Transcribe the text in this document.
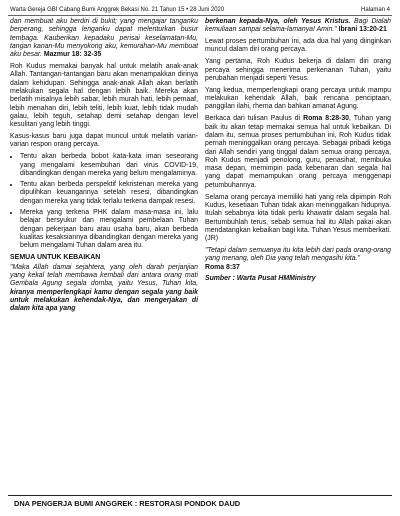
Warta Gereja GBI Cabang Bumi Anggrek Bekasi No. 21 Tahun 15 • 28 Juni 2020	Halaman 4

dan membuat aku berdiri di bukit; yang mengajar tanganku berperang, sehingga lenganku dapat melenturkan busur tembaga. Kauberikan kepadaku perisai keselamatan-Mu, tangan kanan-Mu menyokong aku, kemurahan-Mu membuat aku besar. Mazmur 18: 32-35

Roh Kudus memakai banyak hal untuk melatih anak-anak Allah. Tantangan-tantangan baru akan menampakkan dirinya dalam kehidupan. Sehingga anak-anak Allah akan berlatih melakukan segala hal dengan lebih baik. Mereka akan berlatih misalnya lebih sabar, lebih murah hati, lebih pemaaf, lebih menahan diri, lebih teliti, lebih kuat, lebih tidak mudah galau, lebih teguh, setahap demi setahap dengan level kesulitan yang lebih tinggi.

Kasus-kasus baru juga dapat muncul untuk melatih varian-varian respon orang percaya.

• Tentu akan berbeda bobot kata-kata iman seseorang yang mengalami kesembuhan dari virus COVID-19, dibandingkan dengan mereka yang belum mengalaminya.
• Tentu akan berbeda perspektif kekristenan mereka yang dipulihkan keuangannya setelah resesi, dibandingkan dengan mereka yang tidak terlalu terkena dampak resesi.
• Mereka yang terkena PHK dalam masa-masa ini, lalu belajar bersyukur dan mengalami pembelaan Tuhan dengan pekerjaan baru atau usaha baru, akan berbeda kualitas kesaksiannya dibandingkan dengan mereka yang belum mengalami Tuhan dalam area itu.
SEMUA UNTUK KEBAIKAN

"Maka Allah damai sejahtera, yang oleh darah perjanjian yang kekal telah membawa kembali dari antara orang mati Gembala Agung segala domba, yaitu Yesus, Tuhan kita, kiranya memperlengkapi kamu dengan segala yang baik untuk melakukan kehendak-Nya, dan mengerjakan di dalam kita apa yang

berkenan kepada-Nya, oleh Yesus Kristus. Bagi Dialah kemuliaan sampai selama-lamanya! Amin." Ibrani 13:20-21

Lewat proses pertumbuhan ini, ada dua hal yang diinginkan muncul dalam diri orang percaya.

Yang pertama, Roh Kudus bekerja di dalam diri orang percaya sehingga menerima perkenanan Tuhan, yaitu perubahan menjadi seperti Yesus.

Yang kedua, memperlengkapi orang percaya untuk mampu melakukan kehendak Allah, baik rencana penciptaan, panggilan ilahi, rhema dan bahkan amanat Agung.

Berkaca dari tulisan Paulus di Roma 8:28-30, Tuhan yang baik itu akan tetap memakai semua hal untuk kebaikan. Di dalam itu, semua proses pertumbuhan ini, Roh Kudus tidak pernah meninggalkan orang percaya. Sebagai pribadi ketiga dari Allah sendiri yang tinggal dalam semua orang percaya, Roh Kudus menjadi penolong, guru, penasihat, membuka masa depan, memimpin pada kebenaran dan segala hal yang dapat memampukan orang percaya menggenapi petumbuhannya.

Selama orang percaya memiliki hati yang rela dipimpin Roh Kudus, kesetiaan Tuhan tidak akan meninggalkan hidupnya. Itulah sebabnya kita tidak perlu khawatir dalam segala hal. Bertumbuhlah terus, sebab semua hal itu Allah pakai akan mendatangkan kebaikan bagi kita. Tuhan Yesus memberkati. (JR)

"Tetapi dalam semuanya itu kita lebih dari pada orang-orang yang menang, oleh Dia yang telah mengasihi kita."
Roma 8:37

Sumber : Warta Pusat HMMinistry

DNA PENGERJA BUMI ANGGREK : RESTORASI PONDOK DAUD
